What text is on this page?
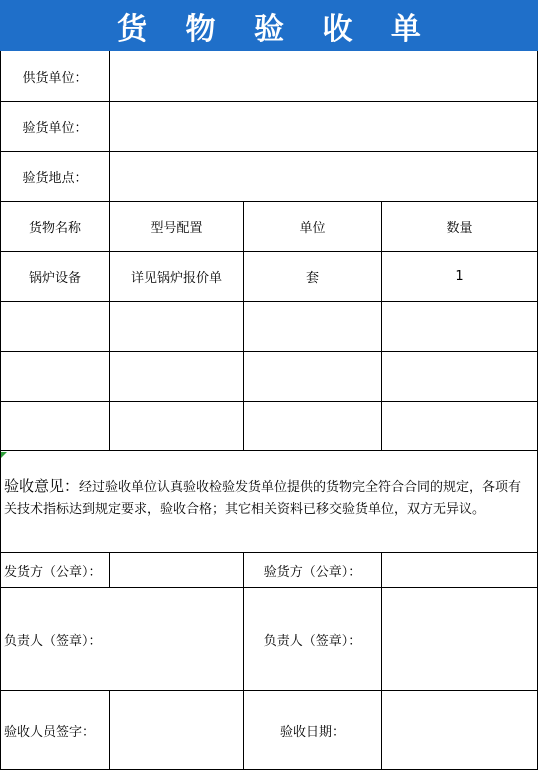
货 物 验 收 单
供货单位：
验货单位：
验货地点：
货物名称	型号配置	单位	数量
锅炉设备	详见锅炉报价单	套	1
验收意见：经过验收单位认真验收检验发货单位提供的货物完全符合合同的规定，各项有关技术指标达到规定要求，验收合格；其它相关资料已移交验货单位，双方无异议。
发货方（公章）：	验货方（公章）：
负责人（签章）：	负责人（签章）：
验收人员签字：	验收日期：
